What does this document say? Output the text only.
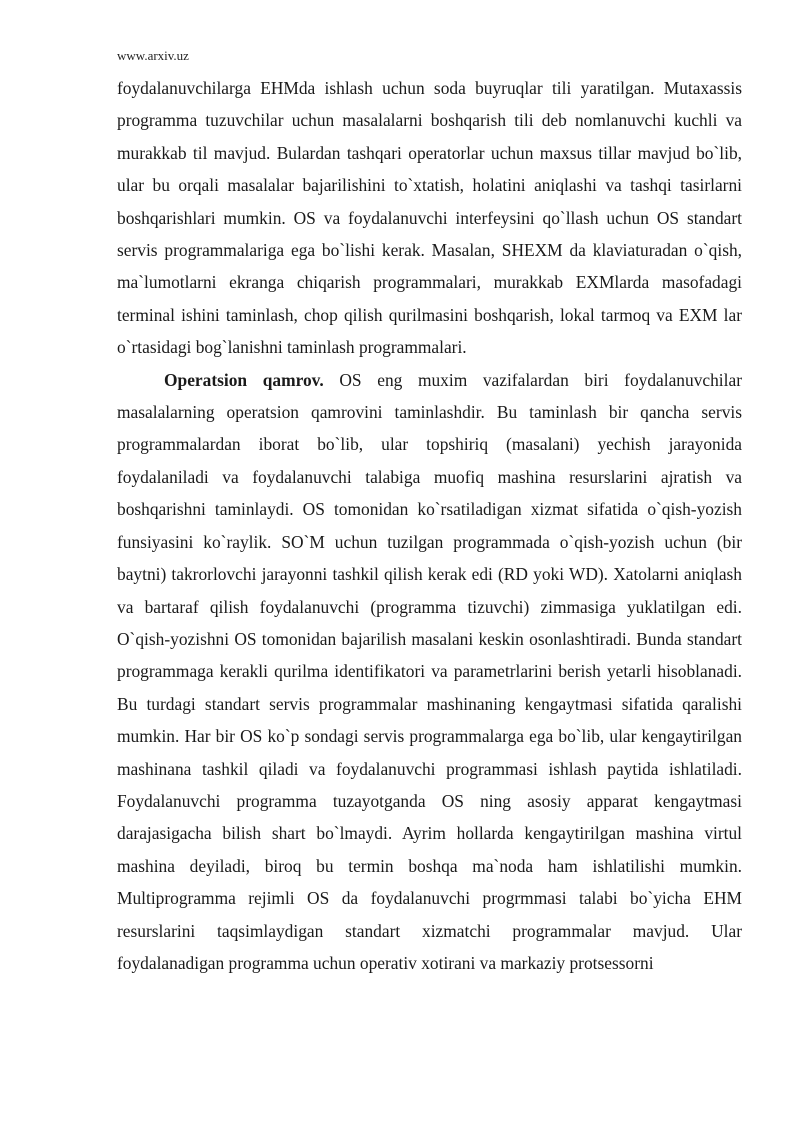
www.arxiv.uz

foydalanuvchilarga EHMda ishlash uchun soda buyruqlar tili yaratilgan. Mutaxassis programma tuzuvchilar uchun masalalarni boshqarish tili deb nomlanuvchi kuchli va murakkab til mavjud. Bulardan tashqari operatorlar uchun maxsus tillar mavjud bo`lib, ular bu orqali masalalar bajarilishini to`xtatish, holatini aniqlashi va tashqi tasirlarni boshqarishlari mumkin. OS va foydalanuvchi interfeysini qo`llash uchun OS standart servis programmalariga ega bo`lishi kerak. Masalan, SHEXM da klaviaturadan o`qish, ma`lumotlarni ekranga chiqarish programmalari, murakkab EXMlarda masofadagi terminal ishini taminlash, chop qilish qurilmasini boshqarish, lokal tarmoq va EXM lar o`rtasidagi bog`lanishni taminlash programmalari.

Operatsion qamrov. OS eng muxim vazifalardan biri foydalanuvchilar masalalarning operatsion qamrovini taminlashdir. Bu taminlash bir qancha servis programmalardan iborat bo`lib, ular topshiriq (masalani) yechish jarayonida foydalaniladi va foydalanuvchi talabiga muofiq mashina resurslarini ajratish va boshqarishni taminlaydi. OS tomonidan ko`rsatiladigan xizmat sifatida o`qish-yozish funsiyasini ko`raylik. SO`M uchun tuzilgan programmada o`qish-yozish uchun (bir baytni) takrorlovchi jarayonni tashkil qilish kerak edi (RD yoki WD). Xatolarni aniqlash va bartaraf qilish foydalanuvchi (programma tizuvchi) zimmasiga yuklatilgan edi. O`qish-yozishni OS tomonidan bajarilish masalani keskin osonlashtiradi. Bunda standart programmaga kerakli qurilma identifikatori va parametrlarini berish yetarli hisoblanadi. Bu turdagi standart servis programmalar mashinaning kengaytmasi sifatida qaralishi mumkin. Har bir OS ko`p sondagi servis programmalarga ega bo`lib, ular kengaytirilgan mashinana tashkil qiladi va foydalanuvchi programmasi ishlash paytida ishlatiladi. Foydalanuvchi programma tuzayotganda OS ning asosiy apparat kengaytmasi darajasigacha bilish shart bo`lmaydi. Ayrim hollarda kengaytirilgan mashina virtul mashina deyiladi, biroq bu termin boshqa ma`noda ham ishlatilishi mumkin. Multiprogramma rejimli OS da foydalanuvchi progrmmasi talabi bo`yicha EHM resurslarini taqsimlaydigan standart xizmatchi programmalar mavjud. Ular foydalanadigan programma uchun operativ xotirani va markaziy protsessorni
